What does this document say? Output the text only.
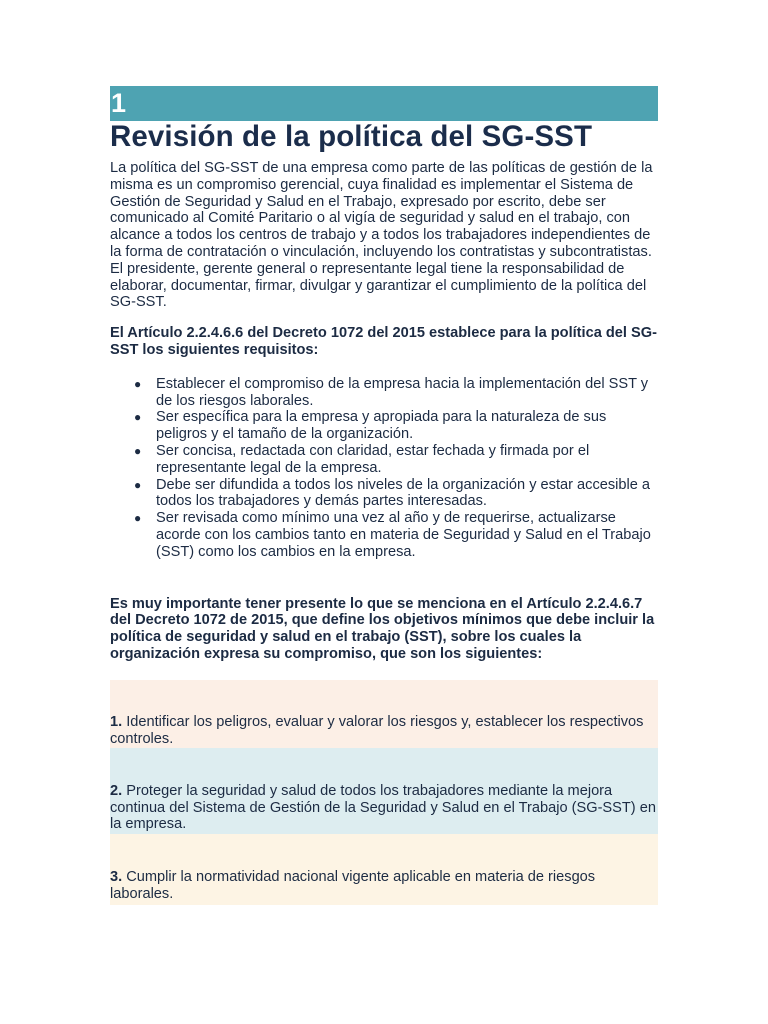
1
Revisión de la política del SG-SST

La política del SG-SST de una empresa como parte de las políticas de gestión de la misma es un compromiso gerencial, cuya finalidad es implementar el Sistema de Gestión de Seguridad y Salud en el Trabajo, expresado por escrito, debe ser comunicado al Comité Paritario o al vigía de seguridad y salud en el trabajo, con alcance a todos los centros de trabajo y a todos los trabajadores independientes de la forma de contratación o vinculación, incluyendo los contratistas y subcontratistas. El presidente, gerente general o representante legal tiene la responsabilidad de elaborar, documentar, firmar, divulgar y garantizar el cumplimiento de la política del SG-SST.

El Artículo 2.2.4.6.6 del Decreto 1072 del 2015 establece para la política del SG-SST los siguientes requisitos:

● Establecer el compromiso de la empresa hacia la implementación del SST y de los riesgos laborales.
● Ser específica para la empresa y apropiada para la naturaleza de sus peligros y el tamaño de la organización.
● Ser concisa, redactada con claridad, estar fechada y firmada por el representante legal de la empresa.
● Debe ser difundida a todos los niveles de la organización y estar accesible a todos los trabajadores y demás partes interesadas.
● Ser revisada como mínimo una vez al año y de requerirse, actualizarse acorde con los cambios tanto en materia de Seguridad y Salud en el Trabajo (SST) como los cambios en la empresa.

Es muy importante tener presente lo que se menciona en el Artículo 2.2.4.6.7 del Decreto 1072 de 2015, que define los objetivos mínimos que debe incluir la política de seguridad y salud en el trabajo (SST), sobre los cuales la organización expresa su compromiso, que son los siguientes:

1. Identificar los peligros, evaluar y valorar los riesgos y, establecer los respectivos controles.
2. Proteger la seguridad y salud de todos los trabajadores mediante la mejora continua del Sistema de Gestión de la Seguridad y Salud en el Trabajo (SG-SST) en la empresa.
3. Cumplir la normatividad nacional vigente aplicable en materia de riesgos laborales.
